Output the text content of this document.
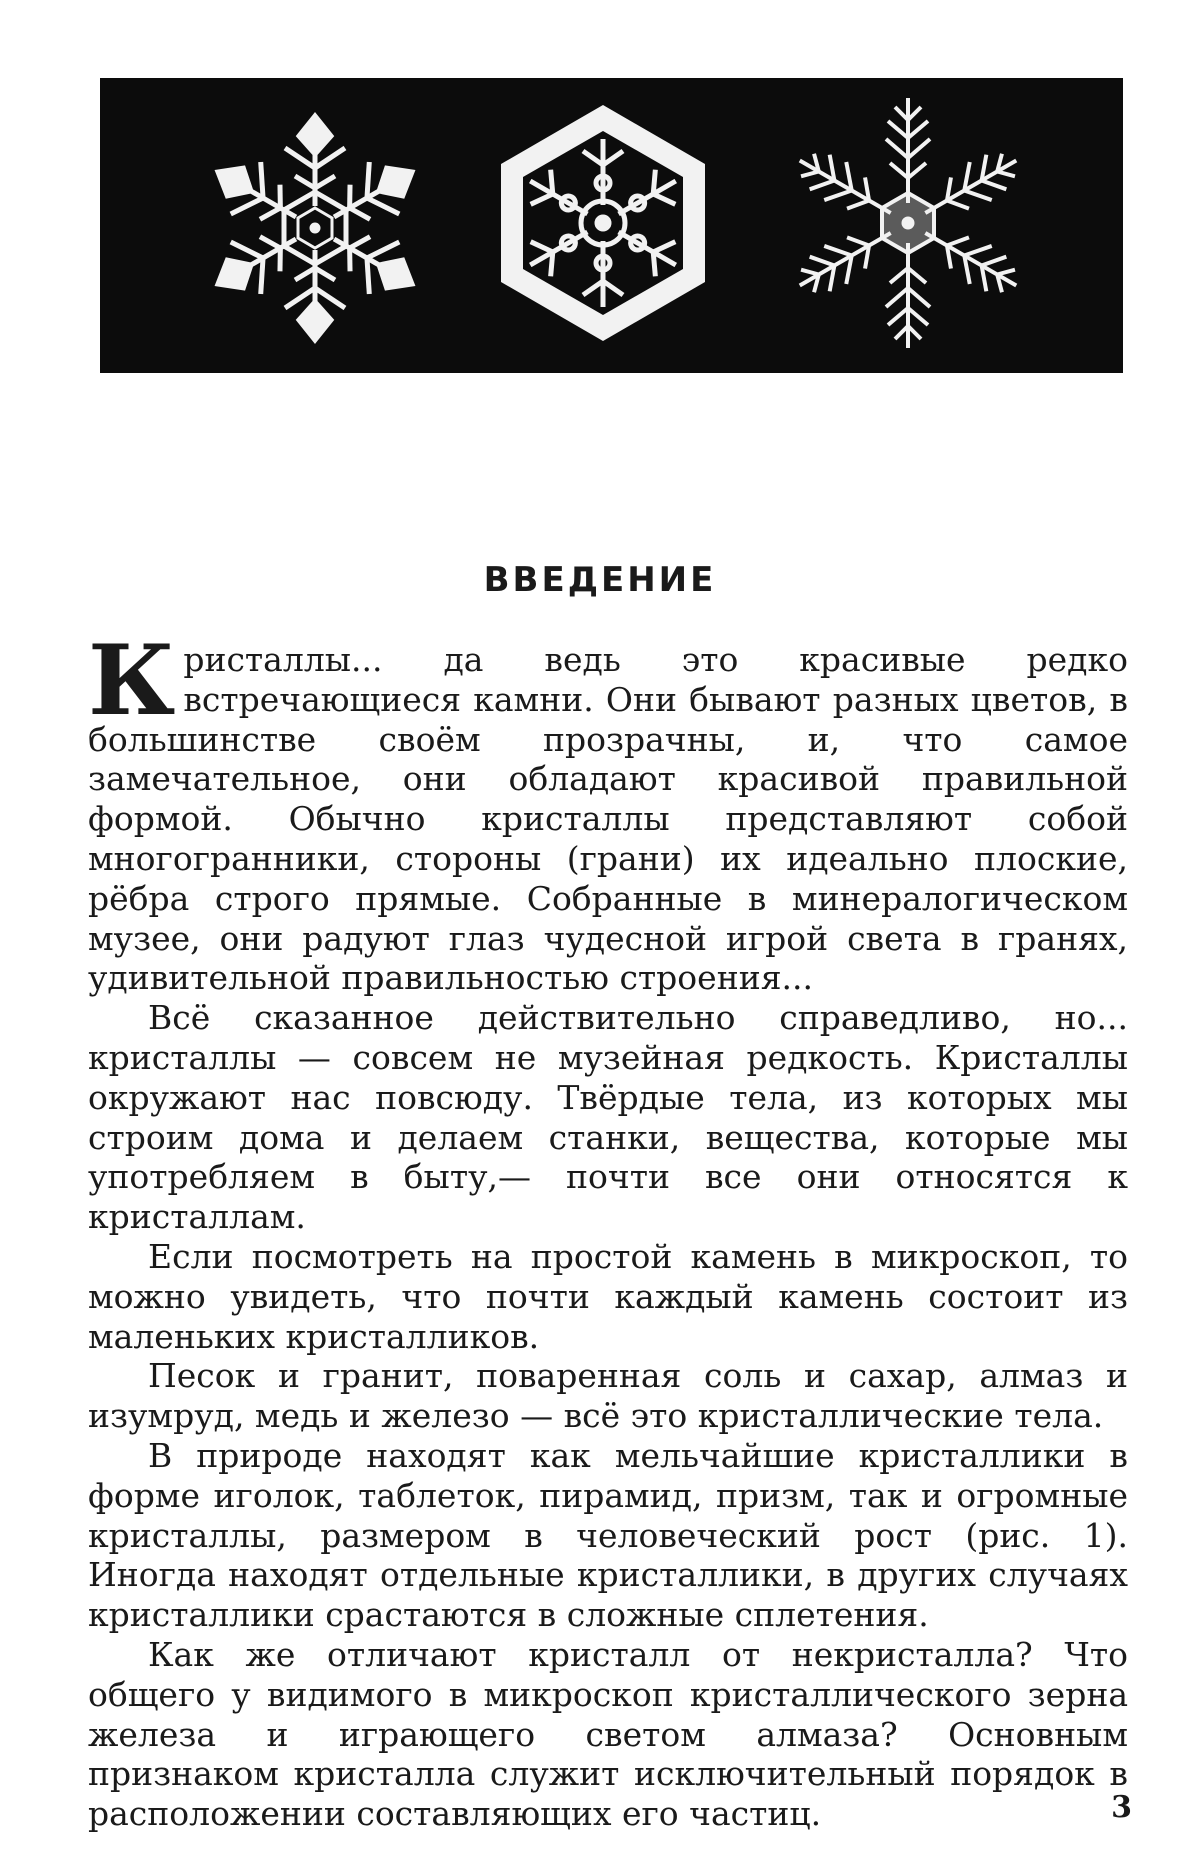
ВВЕДЕНИЕ

Кристаллы... да ведь это красивые редко встречающиеся камни. Они бывают разных цветов, в большинстве своём прозрачны, и, что самое замечательное, они обладают красивой правильной формой. Обычно кристаллы представляют собой многогранники, стороны (грани) их идеально плоские, рёбра строго прямые. Собранные в минералогическом музее, они радуют глаз чудесной игрой света в гранях, удивительной правильностью строения...

Всё сказанное действительно справедливо, но... кристаллы — совсем не музейная редкость. Кристаллы окружают нас повсюду. Твёрдые тела, из которых мы строим дома и делаем станки, вещества, которые мы употребляем в быту,— почти все они относятся к кристаллам.

Если посмотреть на простой камень в микроскоп, то можно увидеть, что почти каждый камень состоит из маленьких кристалликов.

Песок и гранит, поваренная соль и сахар, алмаз и изумруд, медь и железо — всё это кристаллические тела.

В природе находят как мельчайшие кристаллики в форме иголок, таблеток, пирамид, призм, так и огромные кристаллы, размером в человеческий рост (рис. 1). Иногда находят отдельные кристаллики, в других случаях кристаллики срастаются в сложные сплетения.

Как же отличают кристалл от некристалла? Что общего у видимого в микроскоп кристаллического зерна железа и играющего светом алмаза? Основным признаком кристалла служит исключительный порядок в расположении составляющих его частиц.	3
